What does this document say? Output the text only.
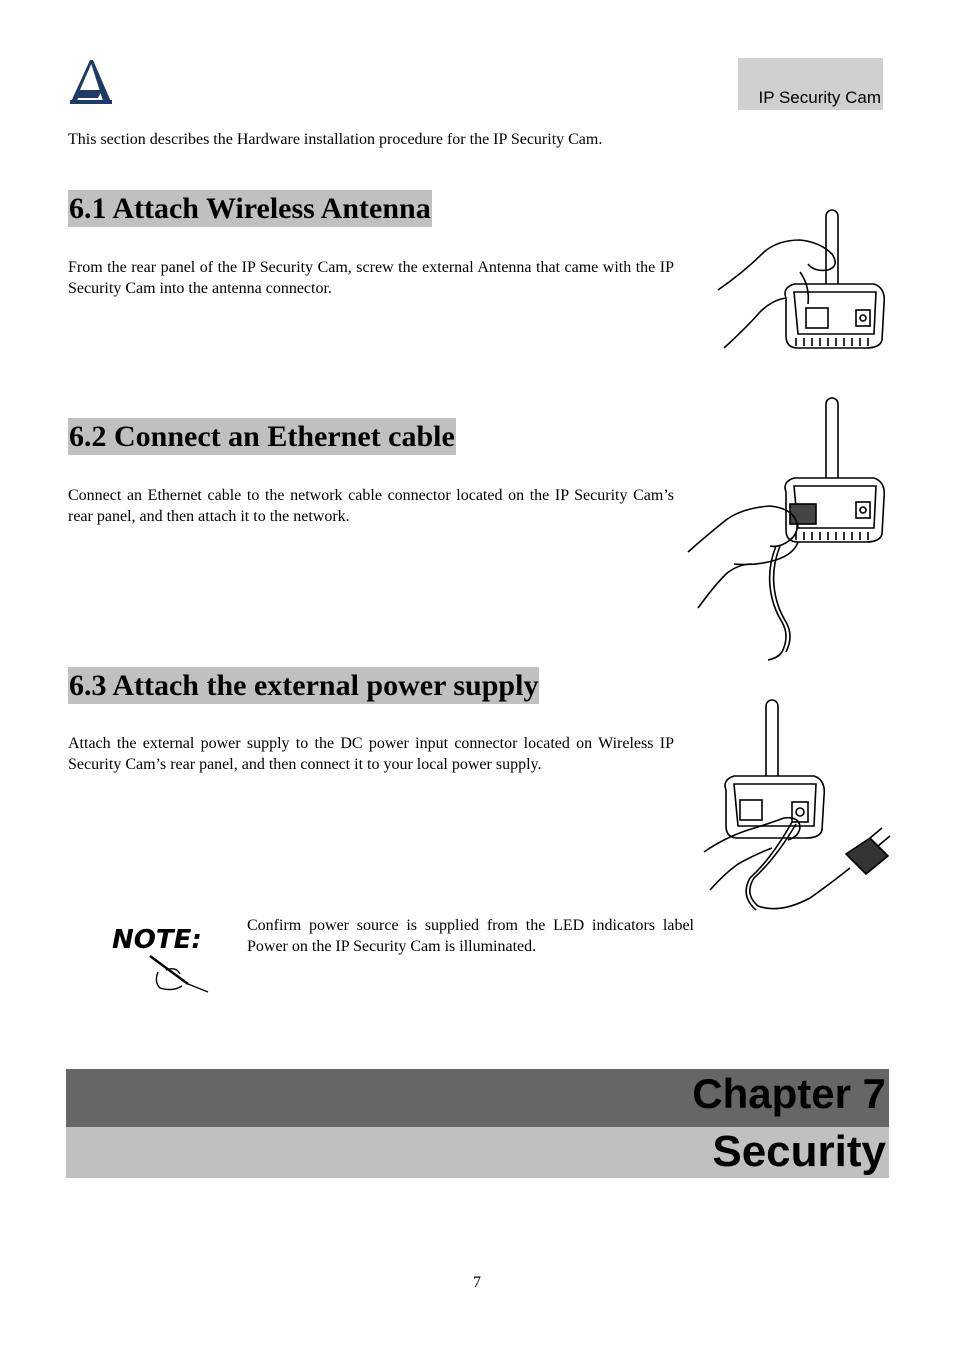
IP Security Cam
This section describes the Hardware installation procedure for the IP Security Cam.
6.1 Attach Wireless Antenna
From the rear panel of the IP Security Cam, screw the external Antenna that came with the IP Security Cam into the antenna connector.
6.2 Connect an Ethernet cable
Connect an Ethernet cable to the network cable connector located on the IP Security Cam’s rear panel, and then attach it to the network.
6.3 Attach the external power supply
Attach the external power supply to the DC power input connector located on Wireless IP Security Cam’s rear panel, and then connect it to your local power supply.
NOTE:	Confirm power source is supplied from the LED indicators label Power on the IP Security Cam is illuminated.
Chapter 7
Security
7
